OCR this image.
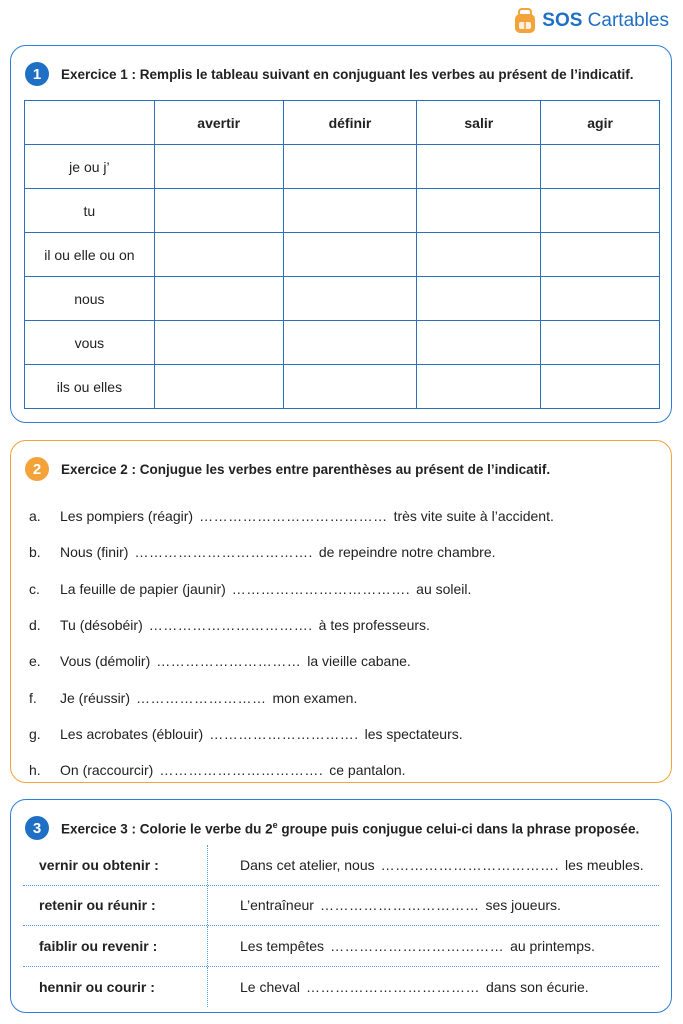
SOS Cartables
1	Exercice 1 : Remplis le tableau suivant en conjuguant les verbes au présent de l’indicatif.
	avertir	définir	salir	agir
je ou j’				
tu				
il ou elle ou on				
nous				
vous				
ils ou elles				
2	Exercice 2 : Conjugue les verbes entre parenthèses au présent de l’indicatif.
a.	Les pompiers (réagir) ………………………………… très vite suite à l’accident.
b.	Nous (finir) ………………………………. de repeindre notre chambre.
c.	La feuille de papier (jaunir) ………………………………. au soleil.
d.	Tu (désobéir) ……………………………. à tes professeurs.
e.	Vous (démolir) ………………………… la vieille cabane.
f.	Je (réussir) ……………………… mon examen.
g.	Les acrobates (éblouir) …………………………. les spectateurs.
h.	On (raccourcir) ……………………………. ce pantalon.
3	Exercice 3 : Colorie le verbe du 2e groupe puis conjugue celui-ci dans la phrase proposée.
vernir ou obtenir :	Dans cet atelier, nous ………………………………. les meubles.
retenir ou réunir :	L’entraîneur …………………………… ses joueurs.
faiblir ou revenir :	Les tempêtes ……………………………… au printemps.
hennir ou courir :	Le cheval ……………………………… dans son écurie.
